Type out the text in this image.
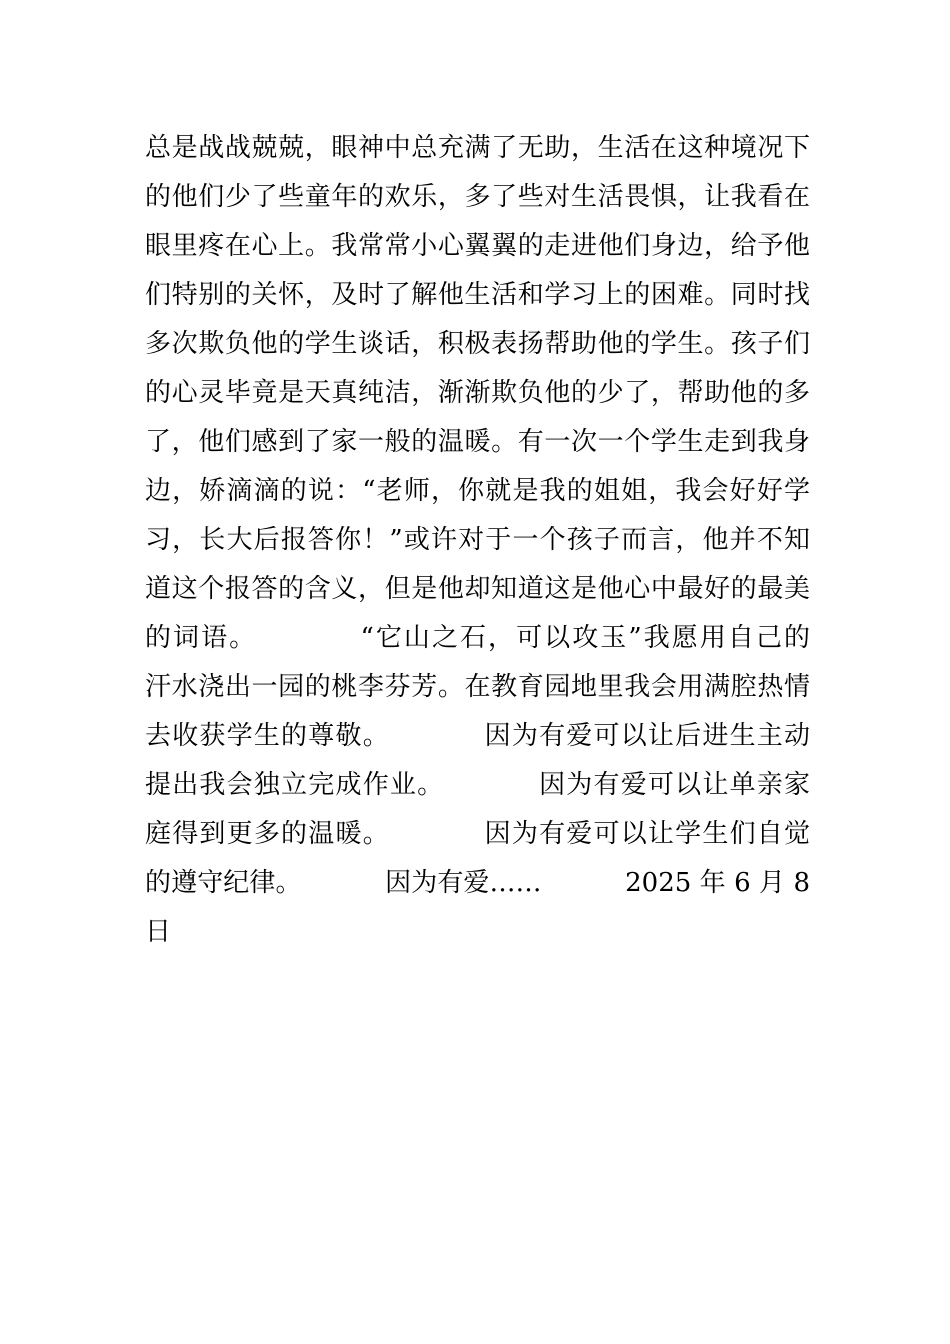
总是战战兢兢，眼神中总充满了无助，生活在这种境况下
的他们少了些童年的欢乐，多了些对生活畏惧，让我看在
眼里疼在心上。我常常小心翼翼的走进他们身边，给予他
们特别的关怀，及时了解他生活和学习上的困难。同时找
多次欺负他的学生谈话，积极表扬帮助他的学生。孩子们
的心灵毕竟是天真纯洁，渐渐欺负他的少了，帮助他的多
了，他们感到了家一般的温暖。有一次一个学生走到我身
边，娇滴滴的说：“老师，你就是我的姐姐，我会好好学
习，长大后报答你！”或许对于一个孩子而言，他并不知
道这个报答的含义，但是他却知道这是他心中最好的最美
的词语。          “它山之石，可以攻玉”我愿用自己的
汗水浇出一园的桃李芬芳。在教育园地里我会用满腔热情
去收获学生的尊敬。          因为有爱可以让后进生主动
提出我会独立完成作业。          因为有爱可以让单亲家
庭得到更多的温暖。          因为有爱可以让学生们自觉
的遵守纪律。          因为有爱……          2025 年 6 月 8
日
